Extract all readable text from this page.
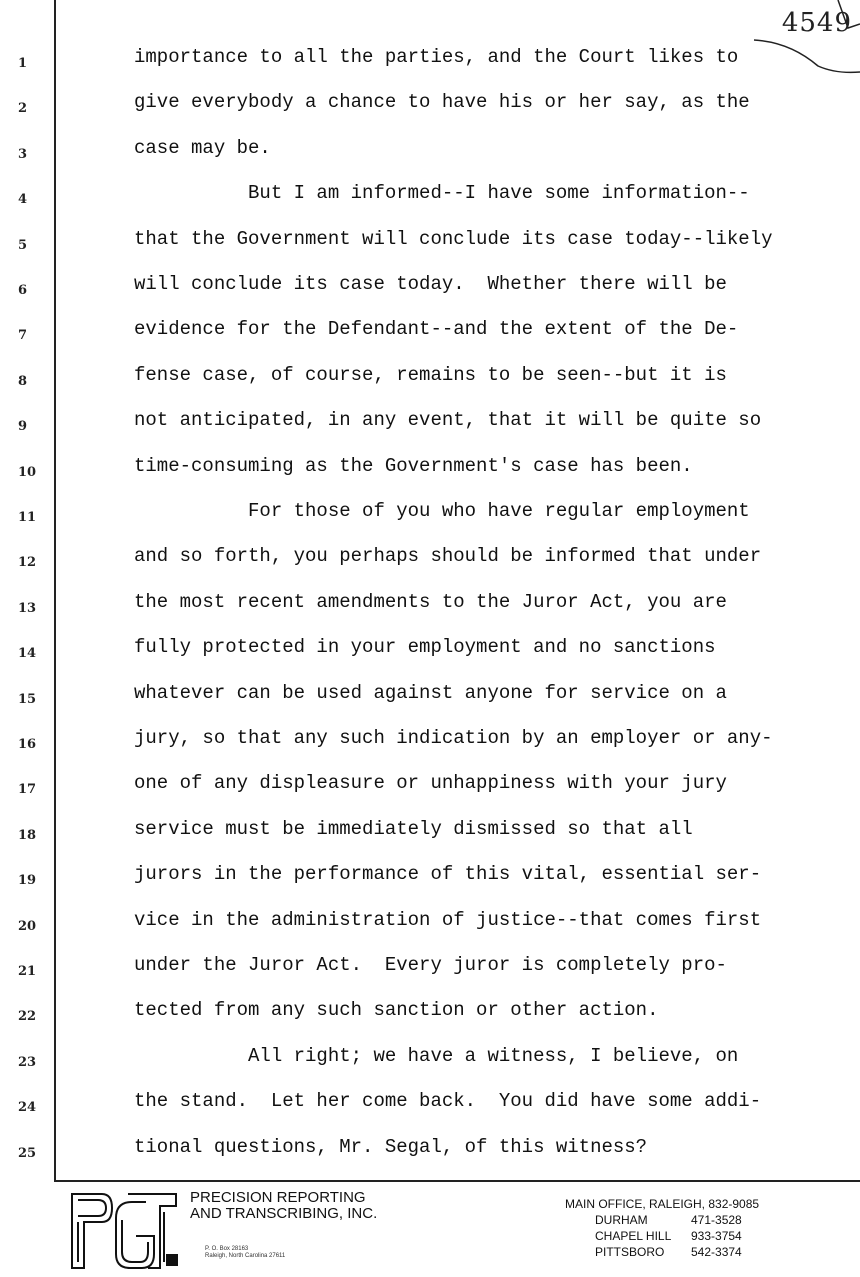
4549
1	importance to all the parties, and the Court likes to
2	give everybody a chance to have his or her say, as the
3	case may be.
4	But I am informed--I have some information--
5	that the Government will conclude its case today--likely
6	will conclude its case today.  Whether there will be
7	evidence for the Defendant--and the extent of the De-
8	fense case, of course, remains to be seen--but it is
9	not anticipated, in any event, that it will be quite so
10	time-consuming as the Government's case has been.
11	For those of you who have regular employment
12	and so forth, you perhaps should be informed that under
13	the most recent amendments to the Juror Act, you are
14	fully protected in your employment and no sanctions
15	whatever can be used against anyone for service on a
16	jury, so that any such indication by an employer or any-
17	one of any displeasure or unhappiness with your jury
18	service must be immediately dismissed so that all
19	jurors in the performance of this vital, essential ser-
20	vice in the administration of justice--that comes first
21	under the Juror Act.  Every juror is completely pro-
22	tected from any such sanction or other action.
23	All right; we have a witness, I believe, on
24	the stand.  Let her come back.  You did have some addi-
25	tional questions, Mr. Segal, of this witness?
PRECISION REPORTING
AND TRANSCRIBING, INC.
P. O. Box 28163
Raleigh, North Carolina 27611
MAIN OFFICE, RALEIGH, 832-9085
DURHAM	471-3528
CHAPEL HILL	933-3754
PITTSBORO	542-3374
